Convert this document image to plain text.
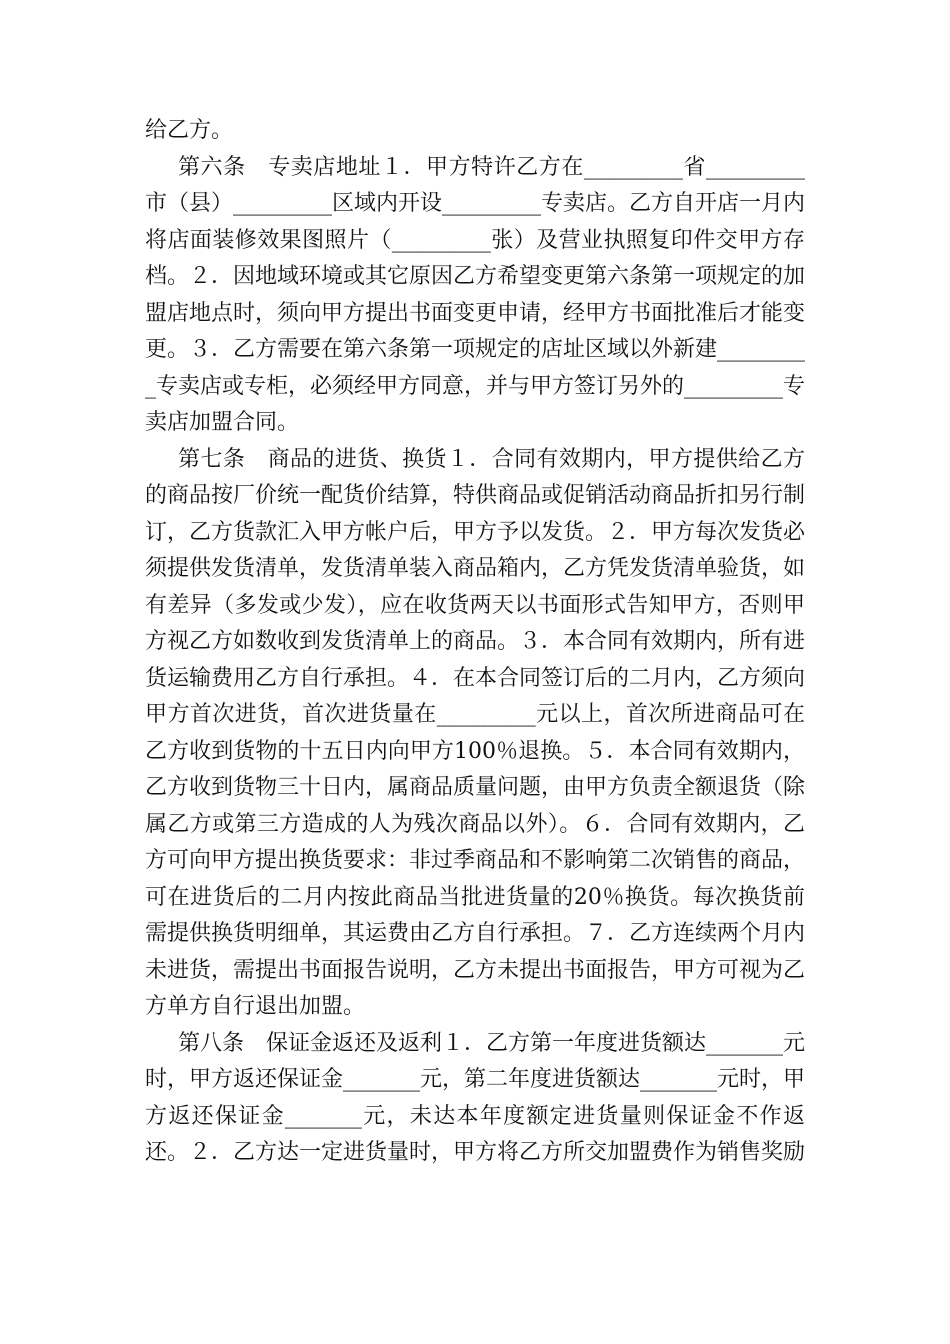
给乙方。

第六条　专卖店地址１．甲方特许乙方在_________省_________市（县）_________区域内开设_________专卖店。乙方自开店一月内将店面装修效果图照片（_________张）及营业执照复印件交甲方存档。２．因地域环境或其它原因乙方希望变更第六条第一项规定的加盟店地点时，须向甲方提出书面变更申请，经甲方书面批准后才能变更。３．乙方需要在第六条第一项规定的店址区域以外新建_________专卖店或专柜，必须经甲方同意，并与甲方签订另外的_________专卖店加盟合同。

第七条　商品的进货、换货１．合同有效期内，甲方提供给乙方的商品按厂价统一配货价结算，特供商品或促销活动商品折扣另行制订，乙方货款汇入甲方帐户后，甲方予以发货。２．甲方每次发货必须提供发货清单，发货清单装入商品箱内，乙方凭发货清单验货，如有差异（多发或少发），应在收货两天以书面形式告知甲方，否则甲方视乙方如数收到发货清单上的商品。３．本合同有效期内，所有进货运输费用乙方自行承担。４．在本合同签订后的二月内，乙方须向甲方首次进货，首次进货量在_________元以上，首次所进商品可在乙方收到货物的十五日内向甲方100％退换。５．本合同有效期内，乙方收到货物三十日内，属商品质量问题，由甲方负责全额退货（除属乙方或第三方造成的人为残次商品以外）。６．合同有效期内，乙方可向甲方提出换货要求：非过季商品和不影响第二次销售的商品，可在进货后的二月内按此商品当批进货量的20％换货。每次换货前需提供换货明细单，其运费由乙方自行承担。７．乙方连续两个月内未进货，需提出书面报告说明，乙方未提出书面报告，甲方可视为乙方单方自行退出加盟。

第八条　保证金返还及返利１．乙方第一年度进货额达_______元时，甲方返还保证金_______元，第二年度进货额达_______元时，甲方返还保证金_______元，未达本年度额定进货量则保证金不作返还。２．乙方达一定进货量时，甲方将乙方所交加盟费作为销售奖励
